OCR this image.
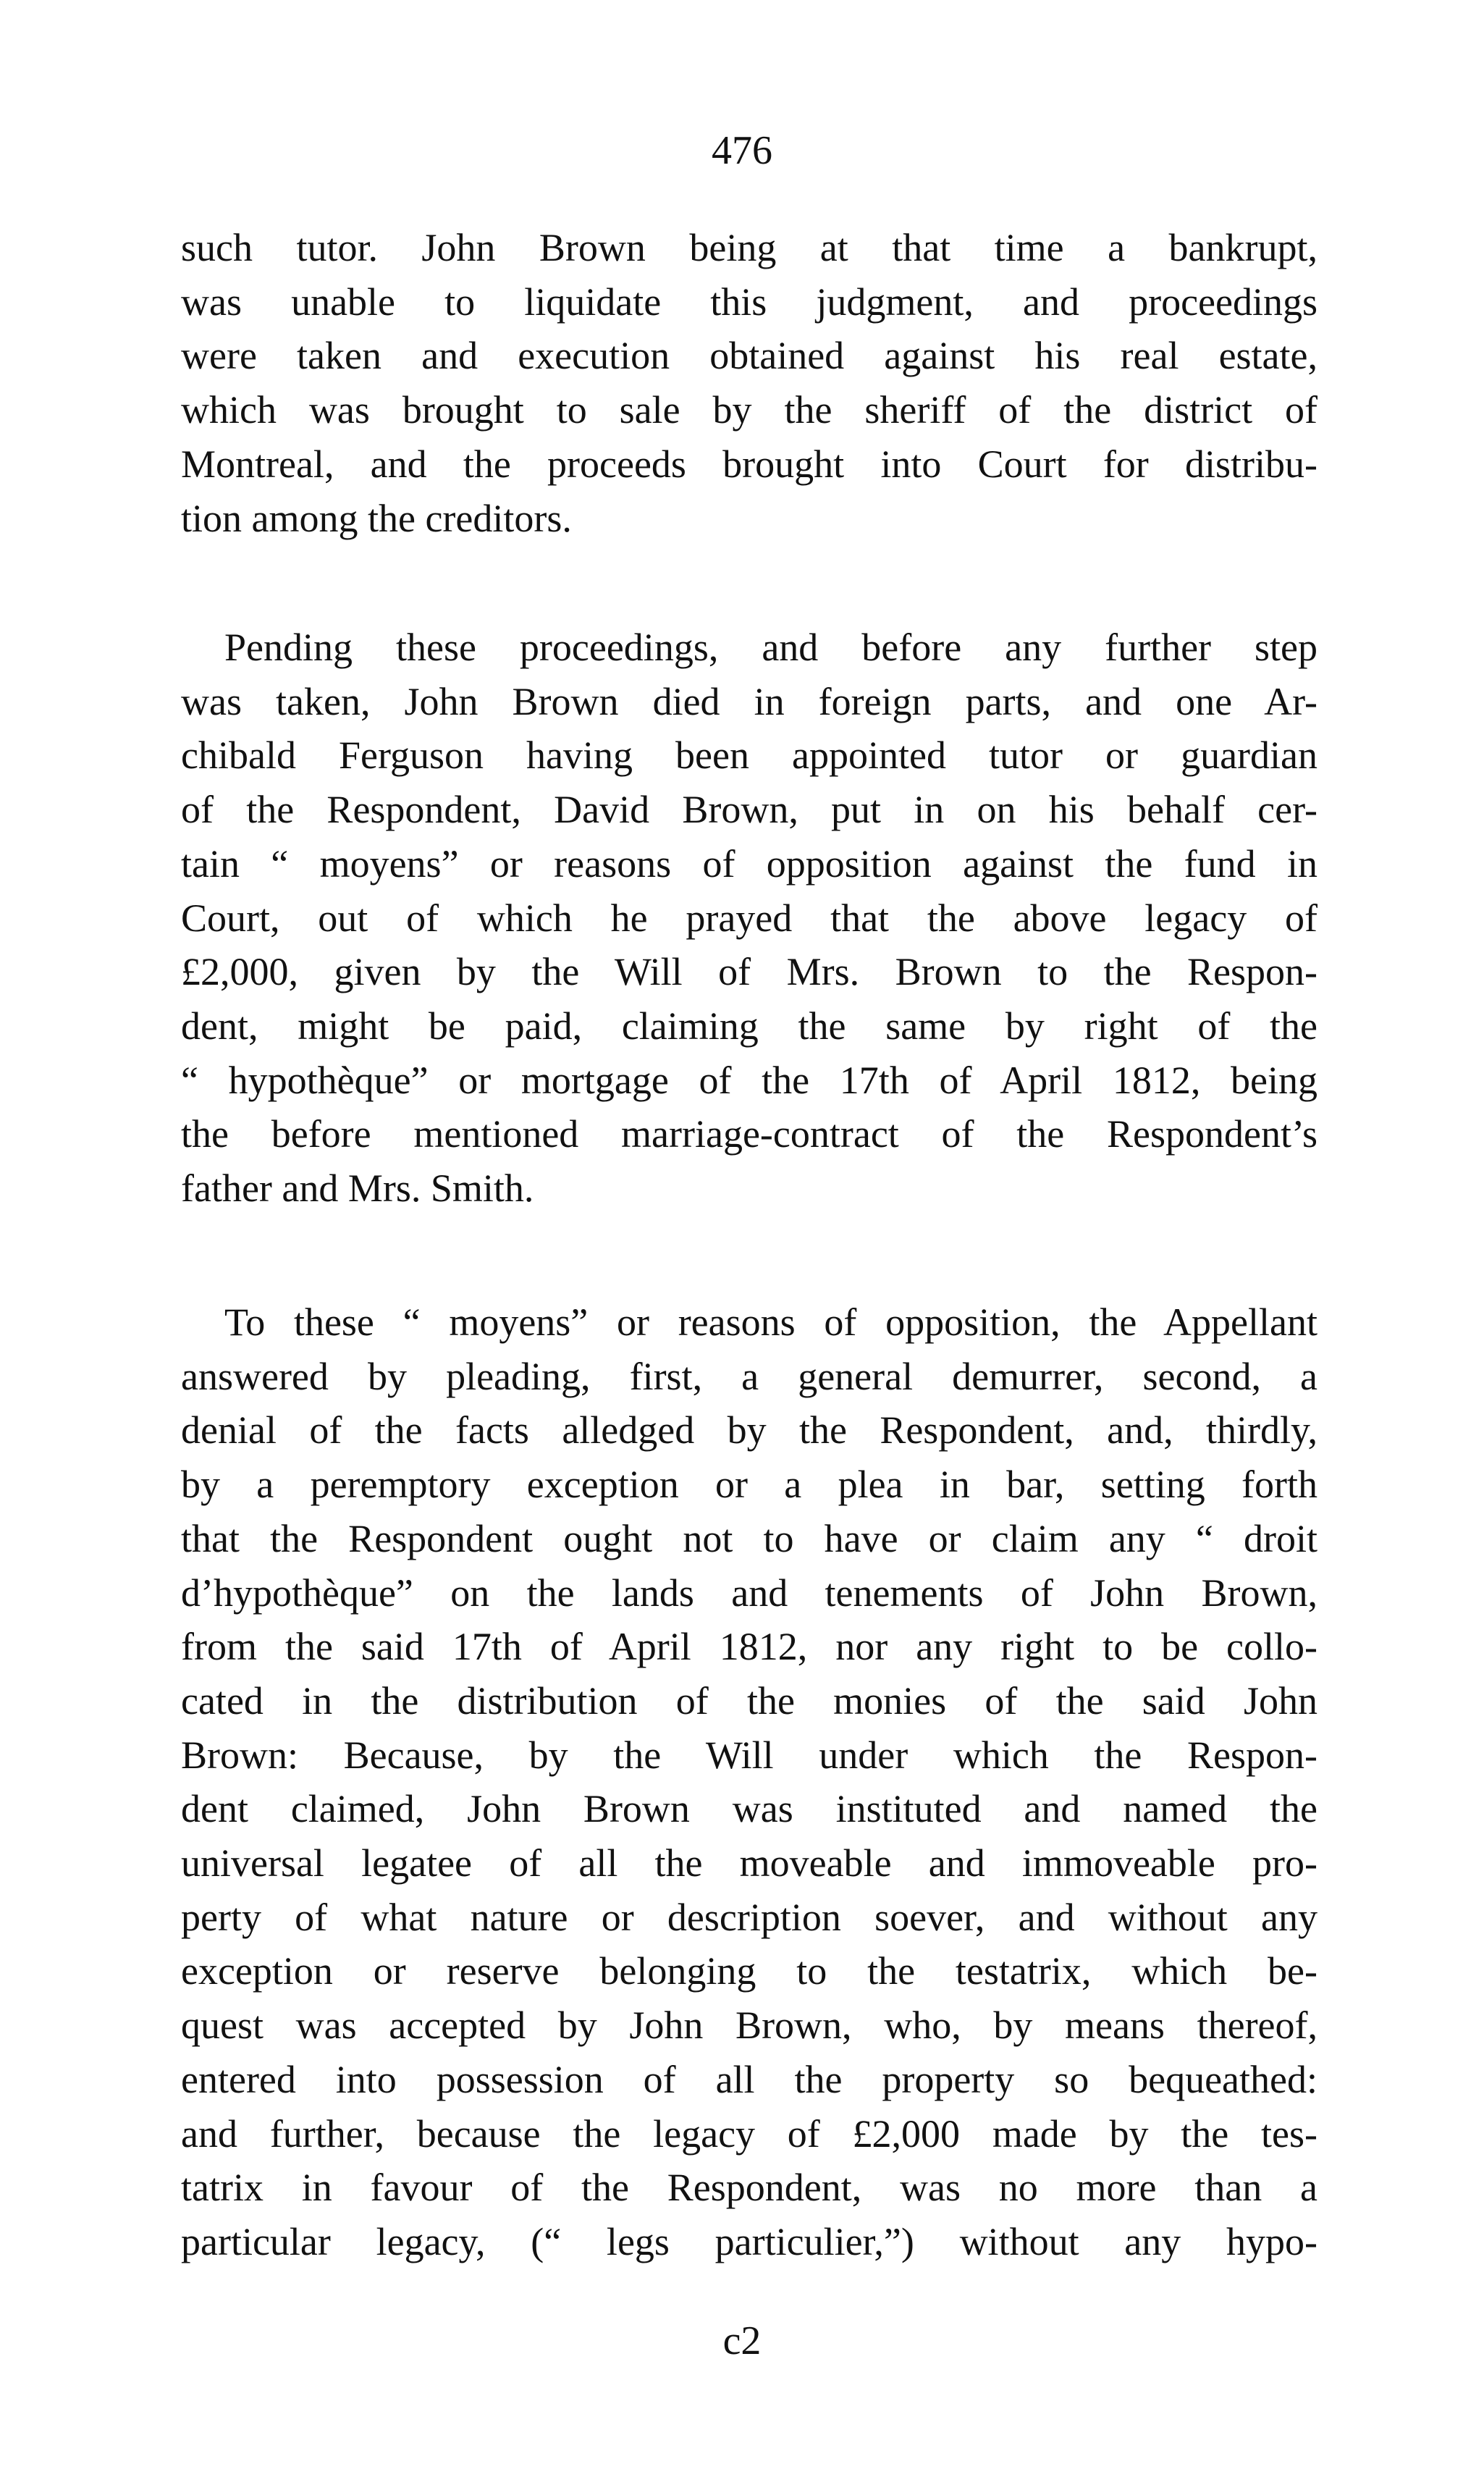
476
such tutor. John Brown being at that time a bankrupt,
was unable to liquidate this judgment, and proceedings
were taken and execution obtained against his real estate,
which was brought to sale by the sheriff of the district of
Montreal, and the proceeds brought into Court for distribu-
tion among the creditors.
Pending these proceedings, and before any further step
was taken, John Brown died in foreign parts, and one Ar-
chibald Ferguson having been appointed tutor or guardian
of the Respondent, David Brown, put in on his behalf cer-
tain “ moyens” or reasons of opposition against the fund in
Court, out of which he prayed that the above legacy of
£2,000, given by the Will of Mrs. Brown to the Respon-
dent, might be paid, claiming the same by right of the
“ hypothèque” or mortgage of the 17th of April 1812, being
the before mentioned marriage-contract of the Respondent’s
father and Mrs. Smith.
To these “ moyens” or reasons of opposition, the Appellant
answered by pleading, first, a general demurrer, second, a
denial of the facts alledged by the Respondent, and, thirdly,
by a peremptory exception or a plea in bar, setting forth
that the Respondent ought not to have or claim any “ droit
d’hypothèque” on the lands and tenements of John Brown,
from the said 17th of April 1812, nor any right to be collo-
cated in the distribution of the monies of the said John
Brown: Because, by the Will under which the Respon-
dent claimed, John Brown was instituted and named the
universal legatee of all the moveable and immoveable pro-
perty of what nature or description soever, and without any
exception or reserve belonging to the testatrix, which be-
quest was accepted by John Brown, who, by means thereof,
entered into possession of all the property so bequeathed:
and further, because the legacy of £2,000 made by the tes-
tatrix in favour of the Respondent, was no more than a
particular legacy, (“ legs particulier,”) without any hypo-
c2
